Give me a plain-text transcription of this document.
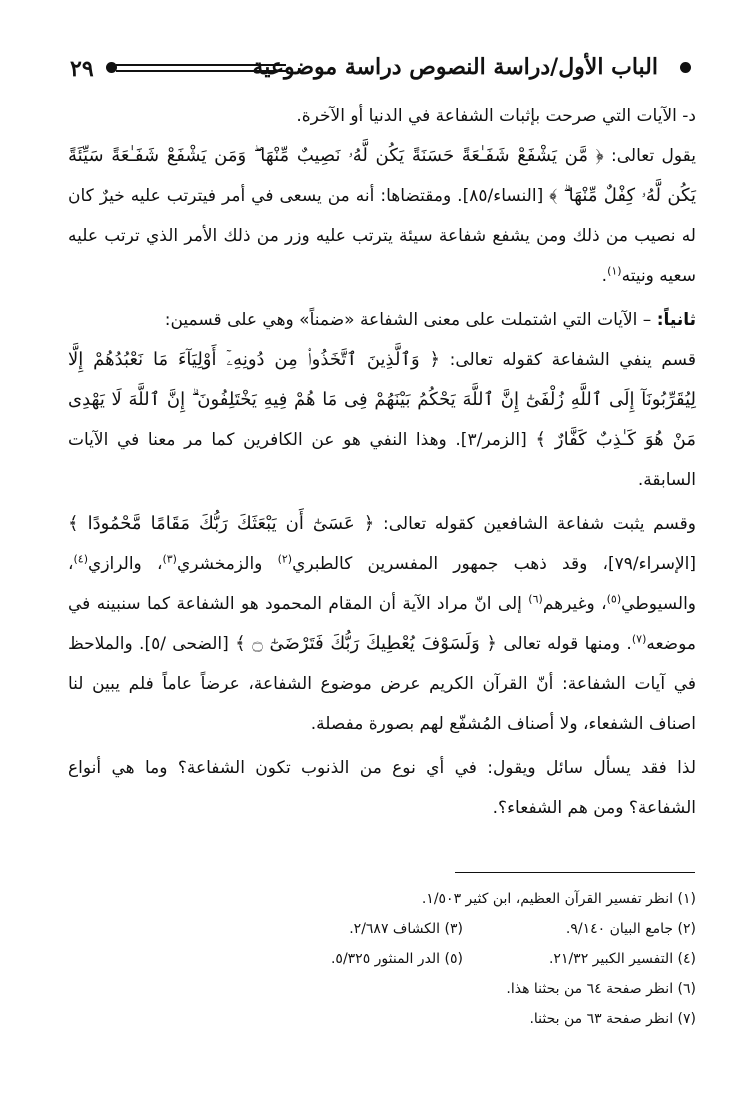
٢٩	الباب الأول/دراسة النصوص دراسة موضوعية

د- الآيات التي صرحت بإثبات الشفاعة في الدنيا أو الآخرة.

يقول تعالى: ﴿ مَّن يَشْفَعْ شَفَـٰعَةً حَسَنَةً يَكُن لَّهُۥ نَصِيبٌ مِّنْهَا ۖ وَمَن يَشْفَعْ شَفَـٰعَةً سَيِّئَةً يَكُن لَّهُۥ كِفْلٌ مِّنْهَا ۗ ﴾ [النساء/٨٥]. ومقتضاها: أنه من يسعى في أمر فيترتب عليه خيرٌ كان له نصيب من ذلك ومن يشفع شفاعة سيئة يترتب عليه وزر من ذلك الأمر الذي ترتب عليه سعيه ونيته$^{(١)}$.

ثانياً: – الآيات التي اشتملت على معنى الشفاعة «ضمناً» وهي على قسمين:

قسم ينفي الشفاعة كقوله تعالى: ﴿ وَٱلَّذِينَ ٱتَّخَذُوا۟ مِن دُونِهِۦٓ أَوْلِيَآءَ مَا نَعْبُدُهُمْ إِلَّا لِيُقَرِّبُونَآ إِلَى ٱللَّهِ زُلْفَىٰٓ إِنَّ ٱللَّهَ يَحْكُمُ بَيْنَهُمْ فِى مَا هُمْ فِيهِ يَخْتَلِفُونَ ۗ إِنَّ ٱللَّهَ لَا يَهْدِى مَنْ هُوَ كَـٰذِبٌ كَفَّارٌ ﴾ [الزمر/٣]. وهذا النفي هو عن الكافرين كما مر معنا في الآيات السابقة.

وقسم يثبت شفاعة الشافعين كقوله تعالى: ﴿ عَسَىٰٓ أَن يَبْعَثَكَ رَبُّكَ مَقَامًا مَّحْمُودًا ﴾ [الإسراء/٧٩]، وقد ذهب جمهور المفسرين كالطبري$^{(٢)}$ والزمخشري$^{(٣)}$، والرازي$^{(٤)}$، والسيوطي$^{(٥)}$، وغيرهم$^{(٦)}$ إلى انّ مراد الآية أن المقام المحمود هو الشفاعة كما سنبينه في موضعه$^{(٧)}$. ومنها قوله تعالى ﴿ وَلَسَوْفَ يُعْطِيكَ رَبُّكَ فَتَرْضَىٰٓ ۝ ﴾ [الضحى /٥]. والملاحظ في آيات الشفاعة: أنّ القرآن الكريم عرض موضوع الشفاعة، عرضاً عاماً فلم يبين لنا اصناف الشفعاء، ولا أصناف المُشفّع لهم بصورة مفصلة.

لذا فقد يسأل سائل ويقول: في أي نوع من الذنوب تكون الشفاعة؟ وما هي أنواع الشفاعة؟ ومن هم الشفعاء؟.

(١) انظر تفسير القرآن العظيم، ابن كثير ١/٥٠٣.
(٢) جامع البيان ٩/١٤٠.
(٣) الكشاف ٢/٦٨٧.
(٤) التفسير الكبير ٢١/٣٢.
(٥) الدر المنثور ٥/٣٢٥.
(٦) انظر صفحة ٦٤ من بحثنا هذا.
(٧) انظر صفحة ٦٣ من بحثنا.
